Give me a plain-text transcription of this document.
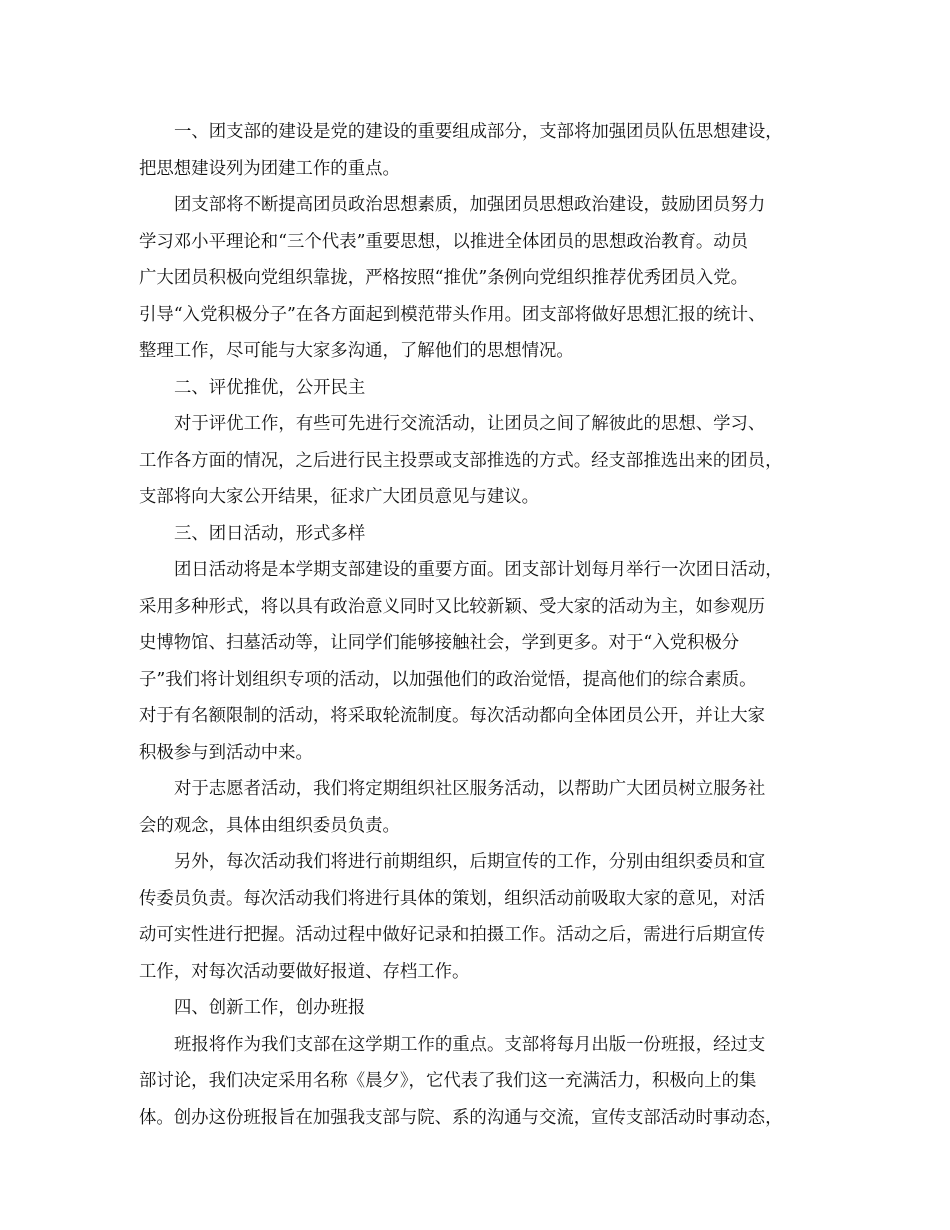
一、团支部的建设是党的建设的重要组成部分，支部将加强团员队伍思想建设，
把思想建设列为团建工作的重点。
团支部将不断提高团员政治思想素质，加强团员思想政治建设，鼓励团员努力
学习邓小平理论和“三个代表”重要思想，以推进全体团员的思想政治教育。动员
广大团员积极向党组织靠拢，严格按照“推优”条例向党组织推荐优秀团员入党。
引导“入党积极分子”在各方面起到模范带头作用。团支部将做好思想汇报的统计、
整理工作，尽可能与大家多沟通，了解他们的思想情况。
二、评优推优，公开民主
对于评优工作，有些可先进行交流活动，让团员之间了解彼此的思想、学习、
工作各方面的情况，之后进行民主投票或支部推选的方式。经支部推选出来的团员，
支部将向大家公开结果，征求广大团员意见与建议。
三、团日活动，形式多样
团日活动将是本学期支部建设的重要方面。团支部计划每月举行一次团日活动，
采用多种形式，将以具有政治意义同时又比较新颖、受大家的活动为主，如参观历
史博物馆、扫墓活动等，让同学们能够接触社会，学到更多。对于“入党积极分
子”我们将计划组织专项的活动，以加强他们的政治觉悟，提高他们的综合素质。
对于有名额限制的活动，将采取轮流制度。每次活动都向全体团员公开，并让大家
积极参与到活动中来。
对于志愿者活动，我们将定期组织社区服务活动，以帮助广大团员树立服务社
会的观念，具体由组织委员负责。
另外，每次活动我们将进行前期组织，后期宣传的工作，分别由组织委员和宣
传委员负责。每次活动我们将进行具体的策划，组织活动前吸取大家的意见，对活
动可实性进行把握。活动过程中做好记录和拍摄工作。活动之后，需进行后期宣传
工作，对每次活动要做好报道、存档工作。
四、创新工作，创办班报
班报将作为我们支部在这学期工作的重点。支部将每月出版一份班报，经过支
部讨论，我们决定采用名称《晨夕》，它代表了我们这一充满活力，积极向上的集
体。创办这份班报旨在加强我支部与院、系的沟通与交流，宣传支部活动时事动态，
